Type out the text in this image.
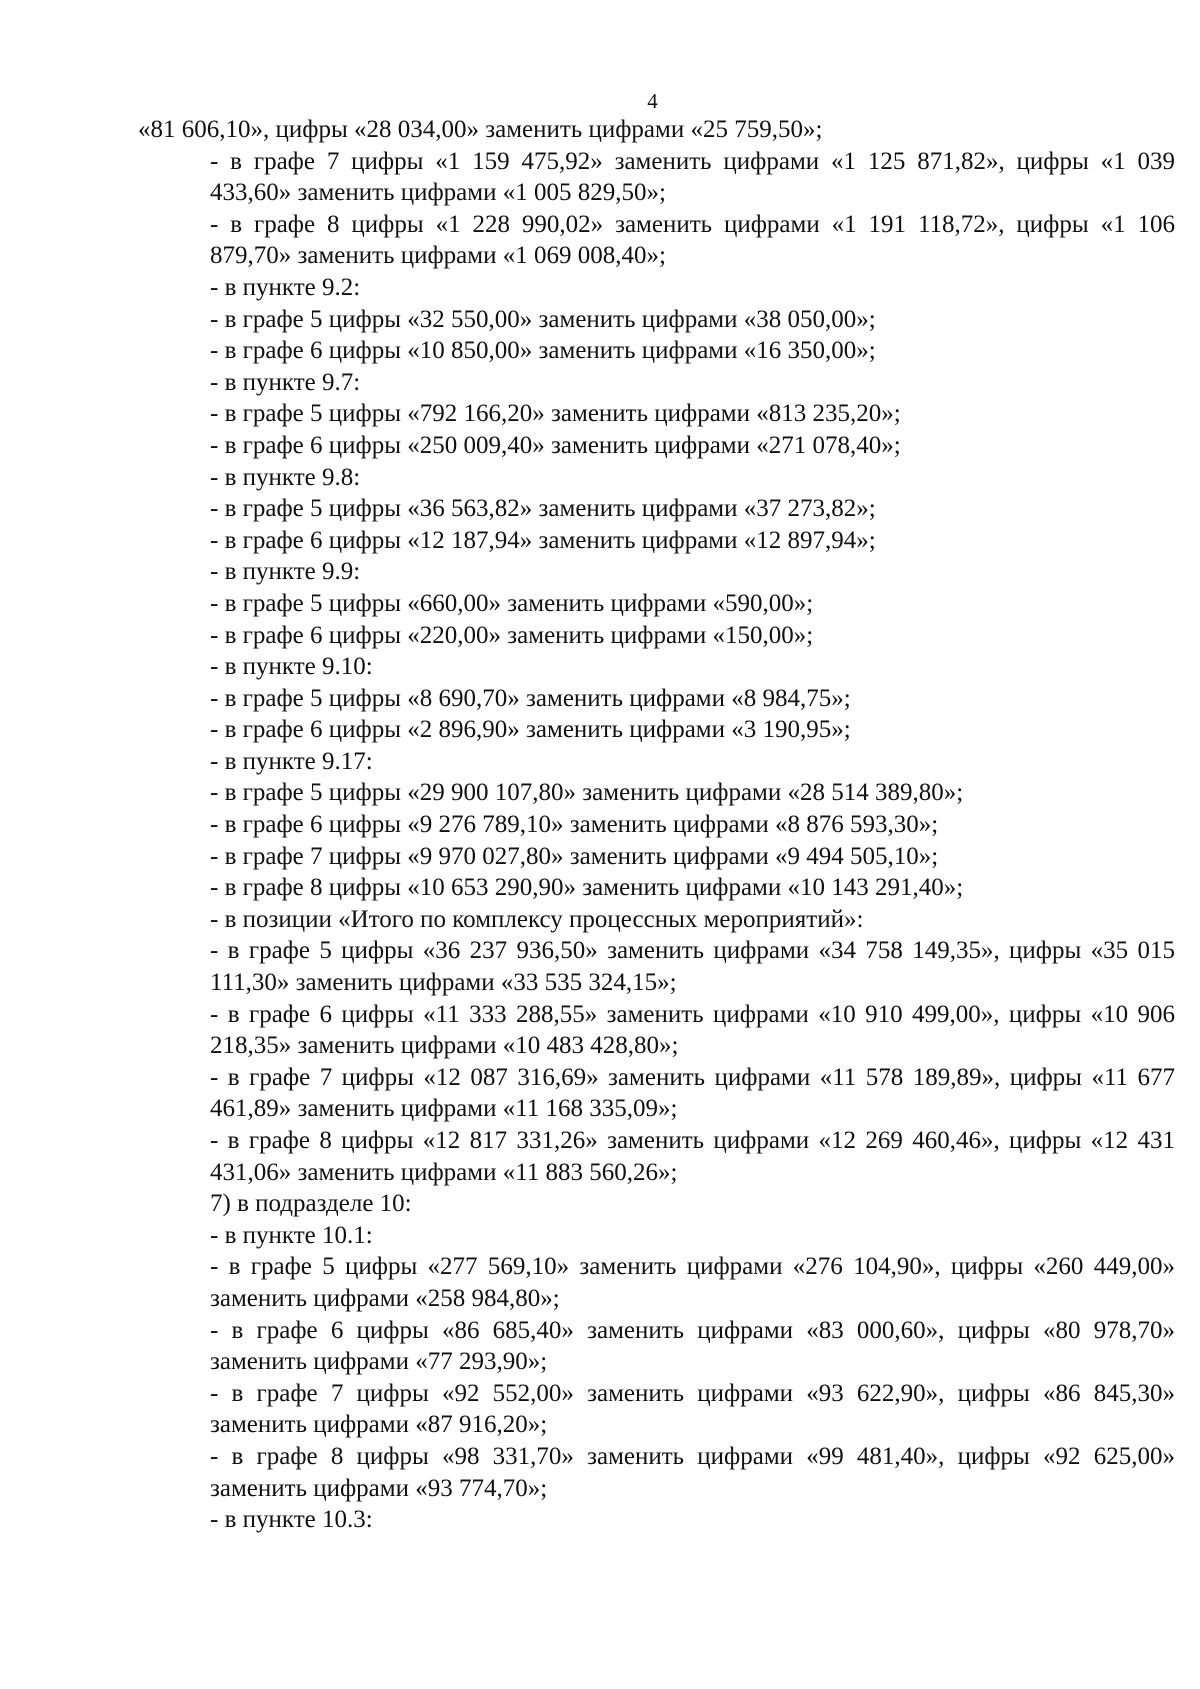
4

«81 606,10», цифры «28 034,00» заменить цифрами «25 759,50»;

- в графе 7 цифры «1 159 475,92» заменить цифрами «1 125 871,82», цифры «1 039 433,60» заменить цифрами «1 005 829,50»;

- в графе 8 цифры «1 228 990,02» заменить цифрами «1 191 118,72», цифры «1 106 879,70» заменить цифрами «1 069 008,40»;

- в пункте 9.2:

- в графе 5 цифры «32 550,00» заменить цифрами «38 050,00»;

- в графе 6 цифры «10 850,00» заменить цифрами «16 350,00»;

- в пункте 9.7:

- в графе 5 цифры «792 166,20» заменить цифрами «813 235,20»;

- в графе 6 цифры «250 009,40» заменить цифрами «271 078,40»;

- в пункте 9.8:

- в графе 5 цифры «36 563,82» заменить цифрами «37 273,82»;

- в графе 6 цифры «12 187,94» заменить цифрами «12 897,94»;

- в пункте 9.9:

- в графе 5 цифры «660,00» заменить цифрами «590,00»;

- в графе 6 цифры «220,00» заменить цифрами «150,00»;

- в пункте 9.10:

- в графе 5 цифры «8 690,70» заменить цифрами «8 984,75»;

- в графе 6 цифры «2 896,90» заменить цифрами «3 190,95»;

- в пункте 9.17:

- в графе 5 цифры «29 900 107,80» заменить цифрами «28 514 389,80»;

- в графе 6 цифры «9 276 789,10» заменить цифрами «8 876 593,30»;

- в графе 7 цифры «9 970 027,80» заменить цифрами «9 494 505,10»;

- в графе 8 цифры «10 653 290,90» заменить цифрами «10 143 291,40»;

- в позиции «Итого по комплексу процессных мероприятий»:

- в графе 5 цифры «36 237 936,50» заменить цифрами «34 758 149,35», цифры «35 015 111,30» заменить цифрами «33 535 324,15»;

- в графе 6 цифры «11 333 288,55» заменить цифрами «10 910 499,00», цифры «10 906 218,35» заменить цифрами «10 483 428,80»;

- в графе 7 цифры «12 087 316,69» заменить цифрами «11 578 189,89», цифры «11 677 461,89» заменить цифрами «11 168 335,09»;

- в графе 8 цифры «12 817 331,26» заменить цифрами «12 269 460,46», цифры «12 431 431,06» заменить цифрами «11 883 560,26»;

7) в подразделе 10:

- в пункте 10.1:

- в графе 5 цифры «277 569,10» заменить цифрами «276 104,90», цифры «260 449,00» заменить цифрами «258 984,80»;

- в графе 6 цифры «86 685,40» заменить цифрами «83 000,60», цифры «80 978,70» заменить цифрами «77 293,90»;

- в графе 7 цифры «92 552,00» заменить цифрами «93 622,90», цифры «86 845,30» заменить цифрами «87 916,20»;

- в графе 8 цифры «98 331,70» заменить цифрами «99 481,40», цифры «92 625,00» заменить цифрами «93 774,70»;

- в пункте 10.3:
